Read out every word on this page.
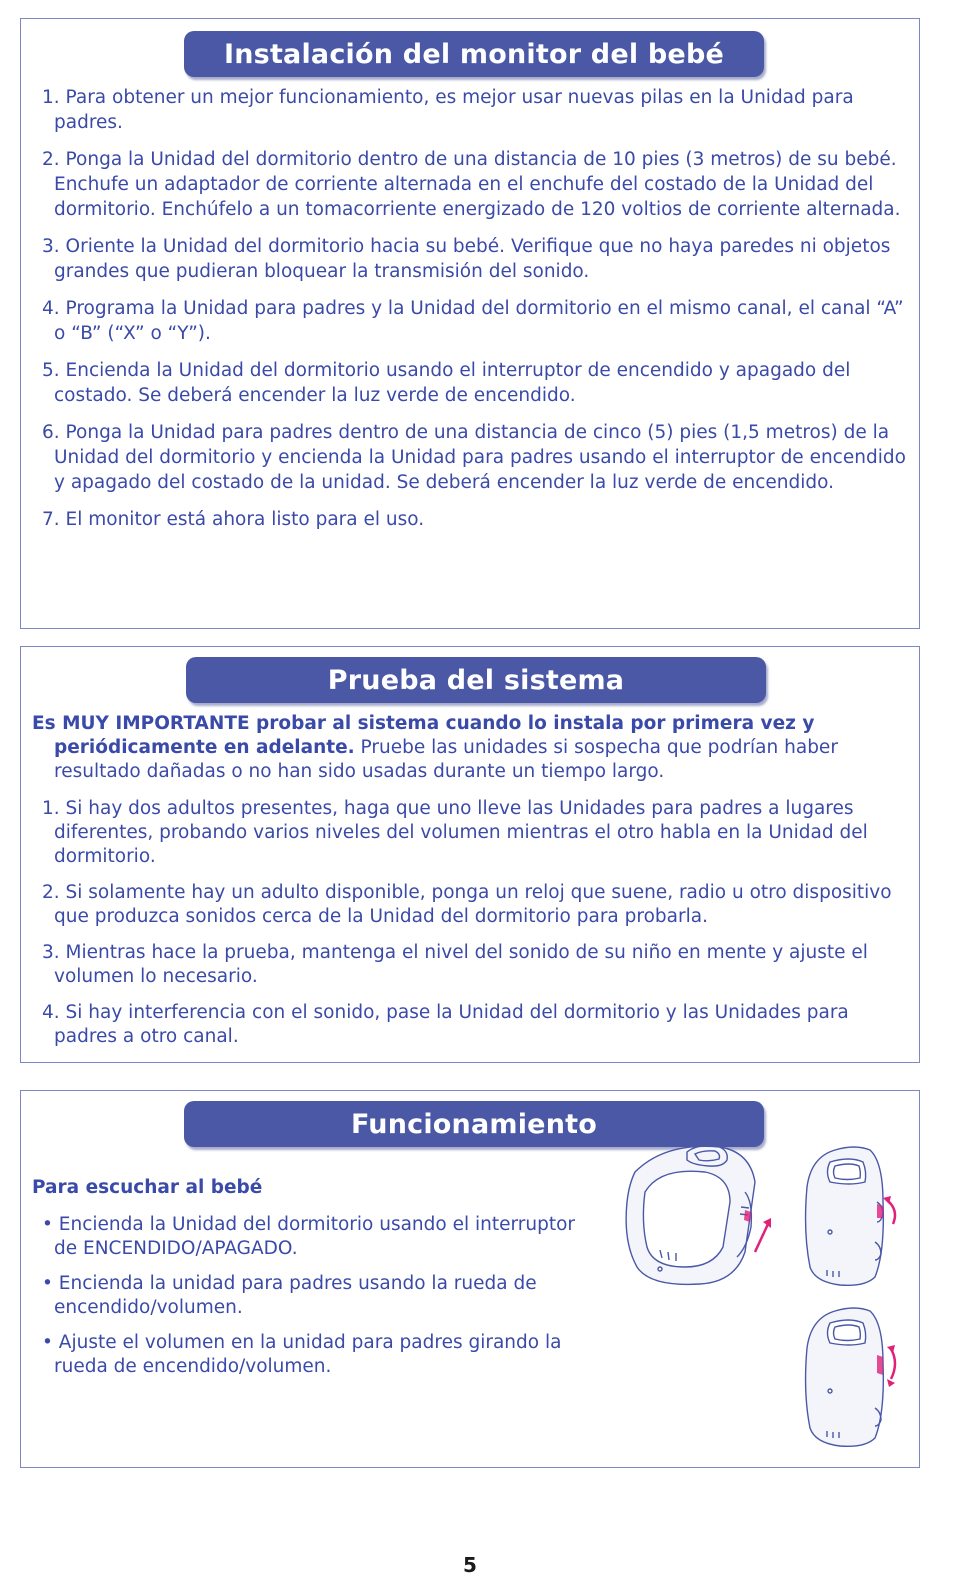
Instalación del monitor del bebé
1. Para obtener un mejor funcionamiento, es mejor usar nuevas pilas en la Unidad para padres.
2. Ponga la Unidad del dormitorio dentro de una distancia de 10 pies (3 metros) de su bebé. Enchufe un adaptador de corriente alternada en el enchufe del costado de la Unidad del dormitorio. Enchúfelo a un tomacorriente energizado de 120 voltios de corriente alternada.
3. Oriente la Unidad del dormitorio hacia su bebé. Verifique que no haya paredes ni objetos grandes que pudieran bloquear la transmisión del sonido.
4. Programa la Unidad para padres y la Unidad del dormitorio en el mismo canal, el canal “A” o “B” (“X” o “Y”).
5. Encienda la Unidad del dormitorio usando el interruptor de encendido y apagado del costado. Se deberá encender la luz verde de encendido.
6. Ponga la Unidad para padres dentro de una distancia de cinco (5) pies (1,5 metros) de la Unidad del dormitorio y encienda la Unidad para padres usando el interruptor de encendido y apagado del costado de la unidad. Se deberá encender la luz verde de encendido.
7. El monitor está ahora listo para el uso.
Prueba del sistema

Es MUY IMPORTANTE probar al sistema cuando lo instala por primera vez y periódicamente en adelante. Pruebe las unidades si sospecha que podrían haber resultado dañadas o no han sido usadas durante un tiempo largo.

1. Si hay dos adultos presentes, haga que uno lleve las Unidades para padres a lugares diferentes, probando varios niveles del volumen mientras el otro habla en la Unidad del dormitorio.
2. Si solamente hay un adulto disponible, ponga un reloj que suene, radio u otro dispositivo que produzca sonidos cerca de la Unidad del dormitorio para probarla.
3. Mientras hace la prueba, mantenga el nivel del sonido de su niño en mente y ajuste el volumen lo necesario.
4. Si hay interferencia con el sonido, pase la Unidad del dormitorio y las Unidades para padres a otro canal.
Funcionamiento

Para escuchar al bebé

• Encienda la Unidad del dormitorio usando el interruptor de ENCENDIDO/APAGADO.
• Encienda la unidad para padres usando la rueda de encendido/volumen.
• Ajuste el volumen en la unidad para padres girando la rueda de encendido/volumen.
5
